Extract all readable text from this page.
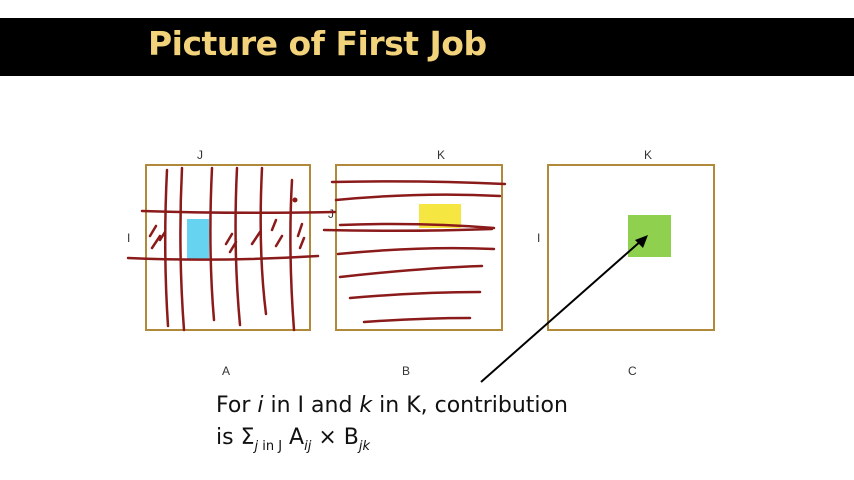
Picture of First Job
J
I
A
K
J
B
K
I
C
For i in I and k in K, contribution
is $\Sigma_{j in J}$ $A_{ij} \times B_{jk}$
